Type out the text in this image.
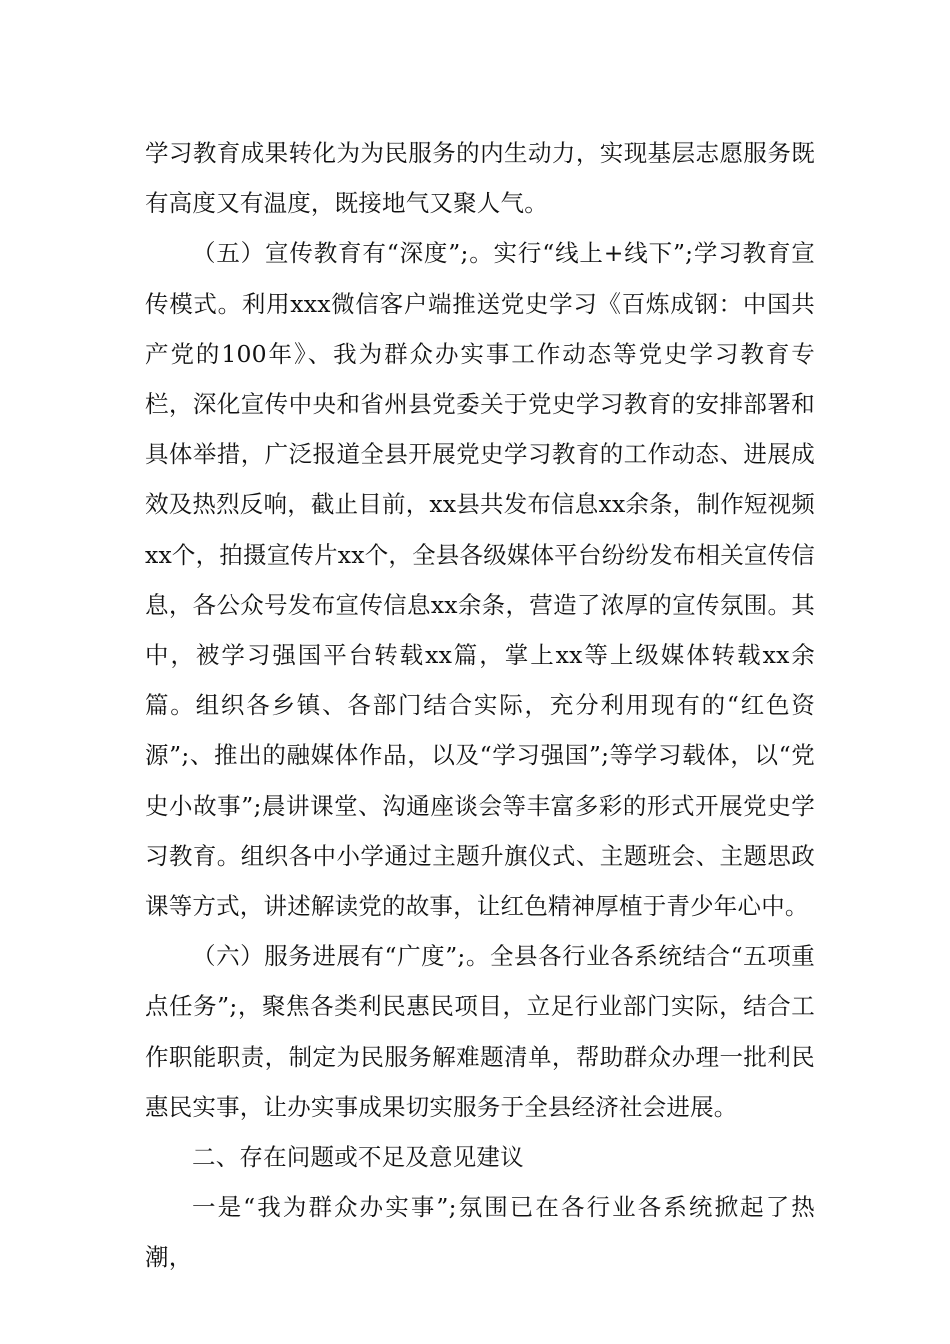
学习教育成果转化为为民服务的内生动力，实现基层志愿服务既有高度又有温度，既接地气又聚人气。

（五）宣传教育有“深度”;。实行“线上+线下”;学习教育宣传模式。利用xxx微信客户端推送党史学习《百炼成钢：中国共产党的100年》、我为群众办实事工作动态等党史学习教育专栏，深化宣传中央和省州县党委关于党史学习教育的安排部署和具体举措，广泛报道全县开展党史学习教育的工作动态、进展成效及热烈反响，截止目前，xx县共发布信息xx余条，制作短视频xx个，拍摄宣传片xx个，全县各级媒体平台纷纷发布相关宣传信息，各公众号发布宣传信息xx余条，营造了浓厚的宣传氛围。其中，被学习强国平台转载xx篇，掌上xx等上级媒体转载xx余篇。组织各乡镇、各部门结合实际，充分利用现有的“红色资源”;、推出的融媒体作品，以及“学习强国”;等学习载体，以“党史小故事”;晨讲课堂、沟通座谈会等丰富多彩的形式开展党史学习教育。组织各中小学通过主题升旗仪式、主题班会、主题思政课等方式，讲述解读党的故事，让红色精神厚植于青少年心中。

（六）服务进展有“广度”;。全县各行业各系统结合“五项重点任务”;，聚焦各类利民惠民项目，立足行业部门实际，结合工作职能职责，制定为民服务解难题清单，帮助群众办理一批利民惠民实事，让办实事成果切实服务于全县经济社会进展。

二、存在问题或不足及意见建议

一是“我为群众办实事”;氛围已在各行业各系统掀起了热潮，
